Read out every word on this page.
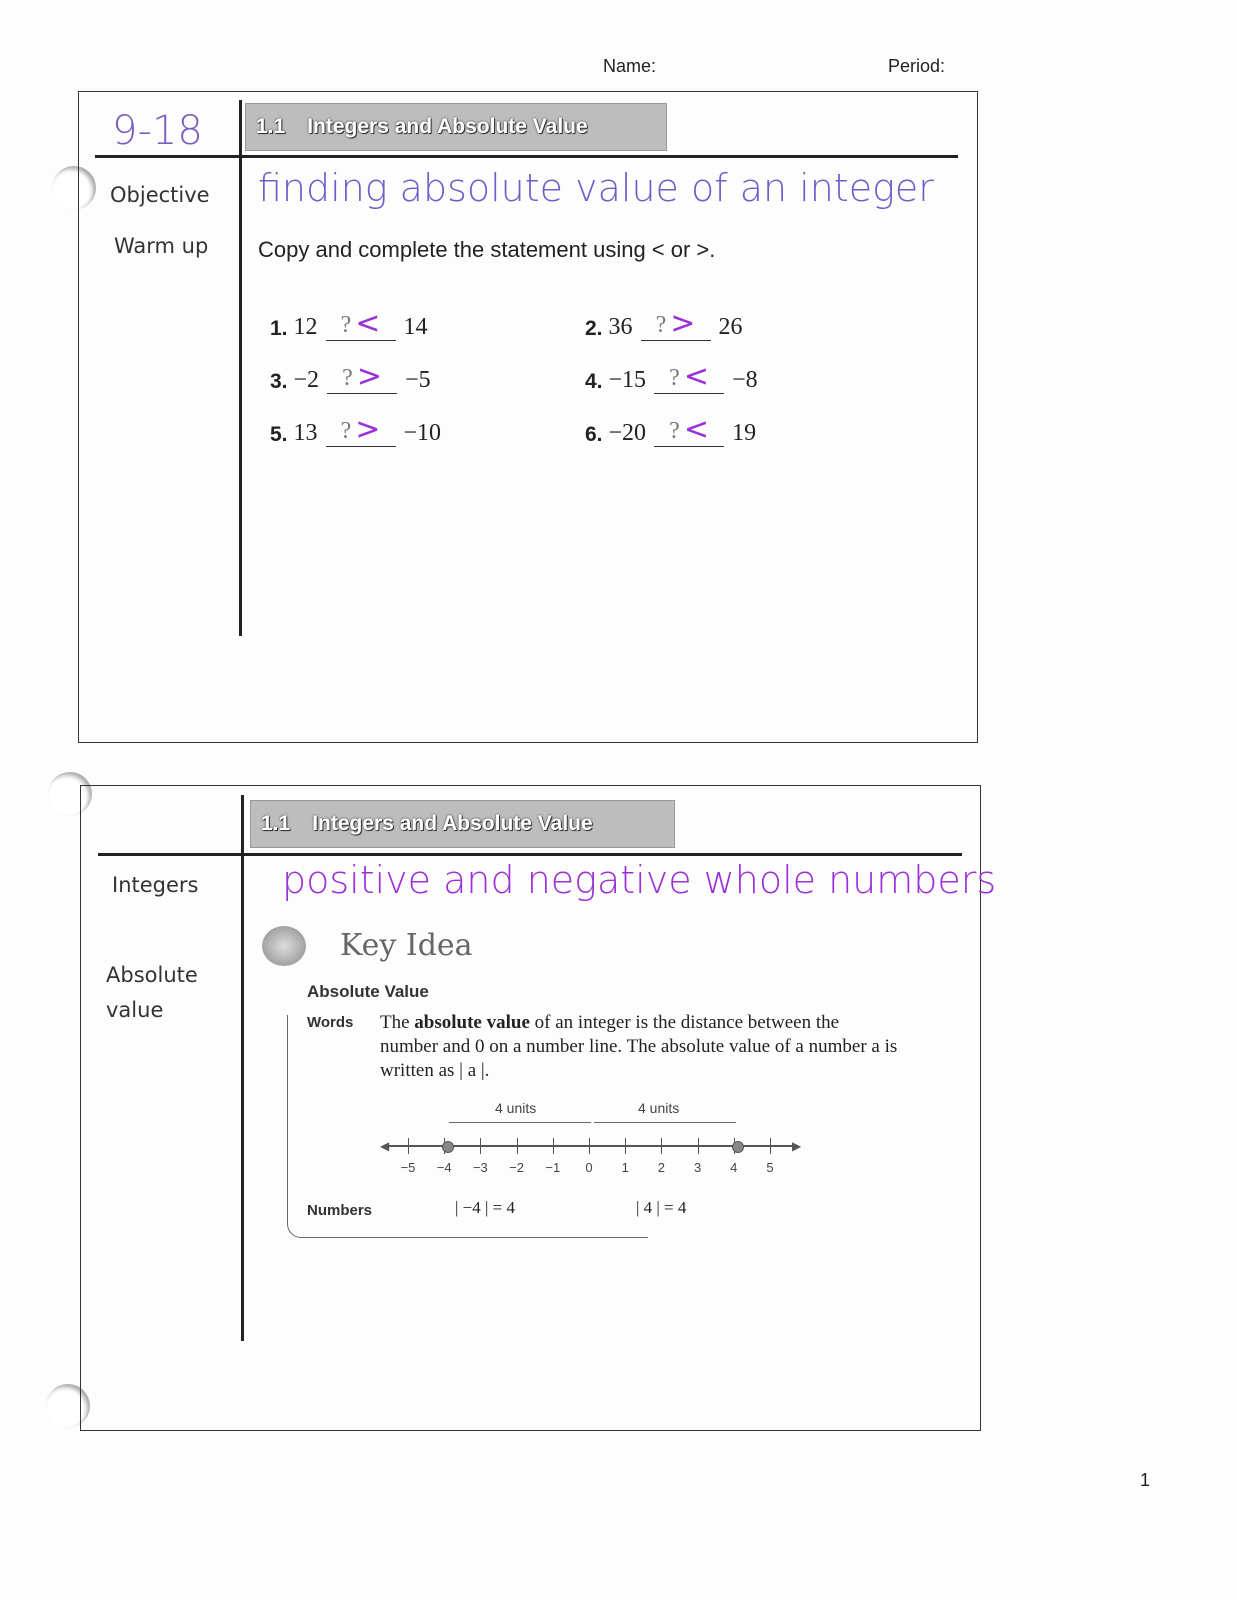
Name:	Period:
1.1 Integers and Absolute Value
9-18
Objective
Warm up
finding absolute value of an integer
Copy and complete the statement using < or >.
1. 12 ? < 14	2. 36 ? > 26
3. −2 ? > −5	4. −15 ? < −8
5. 13 ? > −10	6. −20 ? < 19
1.1 Integers and Absolute Value
Integers
Absolute value
positive and negative whole numbers
Key Idea
Absolute Value
Words The absolute value of an integer is the distance between the number and 0 on a number line. The absolute value of a number a is written as | a |.
◀	▶
4 units	4 units
−5	−4	−3	−2	−1	0	1	2	3	4	5
Numbers	| −4 | = 4	| 4 | = 4
1
